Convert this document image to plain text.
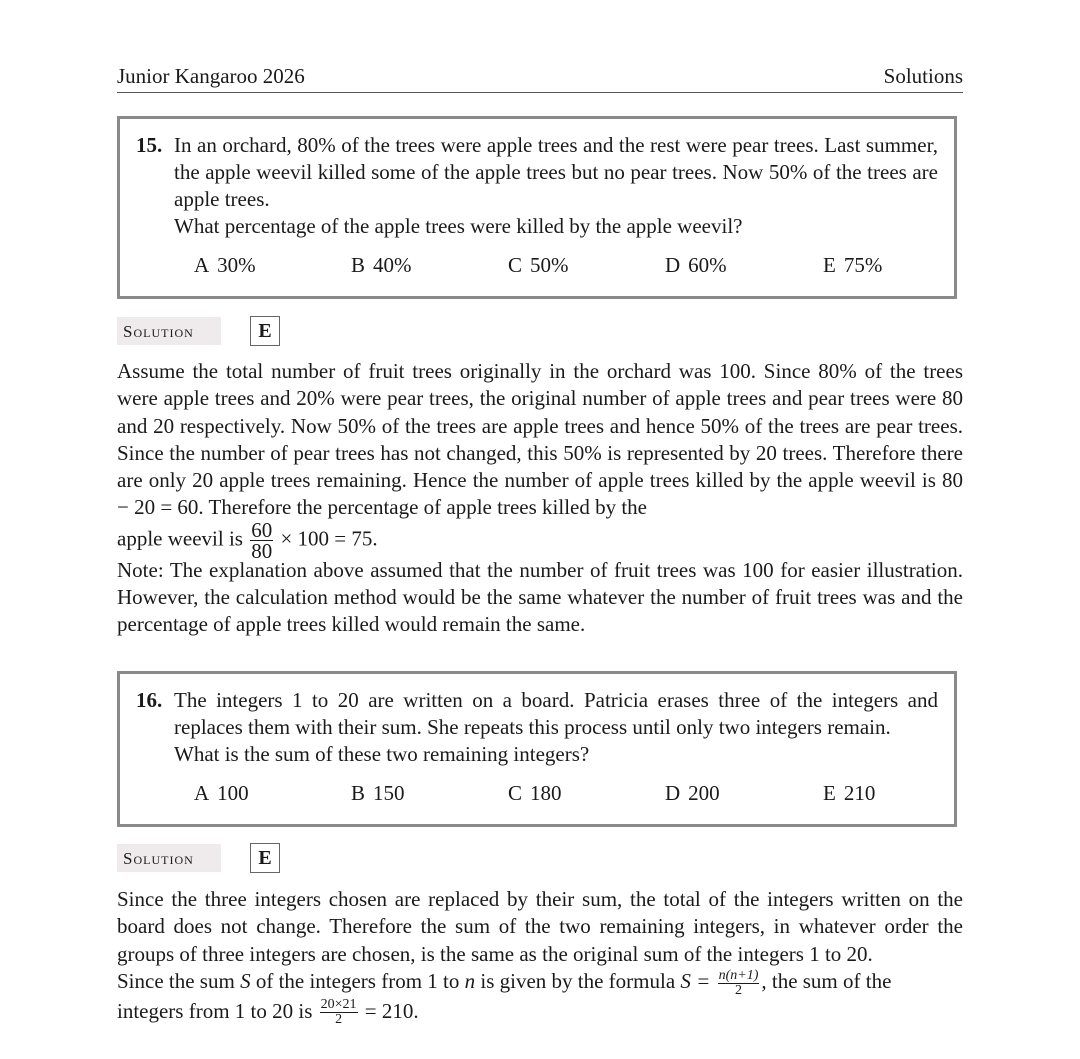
Junior Kangaroo 2026	Solutions
15. In an orchard, 80% of the trees were apple trees and the rest were pear trees. Last summer, the apple weevil killed some of the apple trees but no pear trees. Now 50% of the trees are apple trees.

What percentage of the apple trees were killed by the apple weevil?

A 30%	B 40%	C 50%	D 60%	E 75%
Solution	E

Assume the total number of fruit trees originally in the orchard was 100. Since 80% of the trees were apple trees and 20% were pear trees, the original number of apple trees and pear trees were 80 and 20 respectively. Now 50% of the trees are apple trees and hence 50% of the trees are pear trees. Since the number of pear trees has not changed, this 50% is represented by 20 trees. Therefore there are only 20 apple trees remaining. Hence the number of apple trees killed by the apple weevil is 80 − 20 = 60. Therefore the percentage of apple trees killed by the

apple weevil is $\frac{60}{80} \times 100 = 75$.

Note: The explanation above assumed that the number of fruit trees was 100 for easier illustration. However, the calculation method would be the same whatever the number of fruit trees was and the percentage of apple trees killed would remain the same.

16. The integers 1 to 20 are written on a board. Patricia erases three of the integers and replaces them with their sum. She repeats this process until only two integers remain.

What is the sum of these two remaining integers?

A 100	B 150	C 180	D 200	E 210
Solution	E

Since the three integers chosen are replaced by their sum, the total of the integers written on the board does not change. Therefore the sum of the two remaining integers, in whatever order the groups of three integers are chosen, is the same as the original sum of the integers 1 to 20.

Since the sum S of the integers from 1 to n is given by the formula $S = \frac{n(n+1)}{2}$ , the sum of the

integers from 1 to 20 is $\frac{20\times 21}{2} = 210$.
